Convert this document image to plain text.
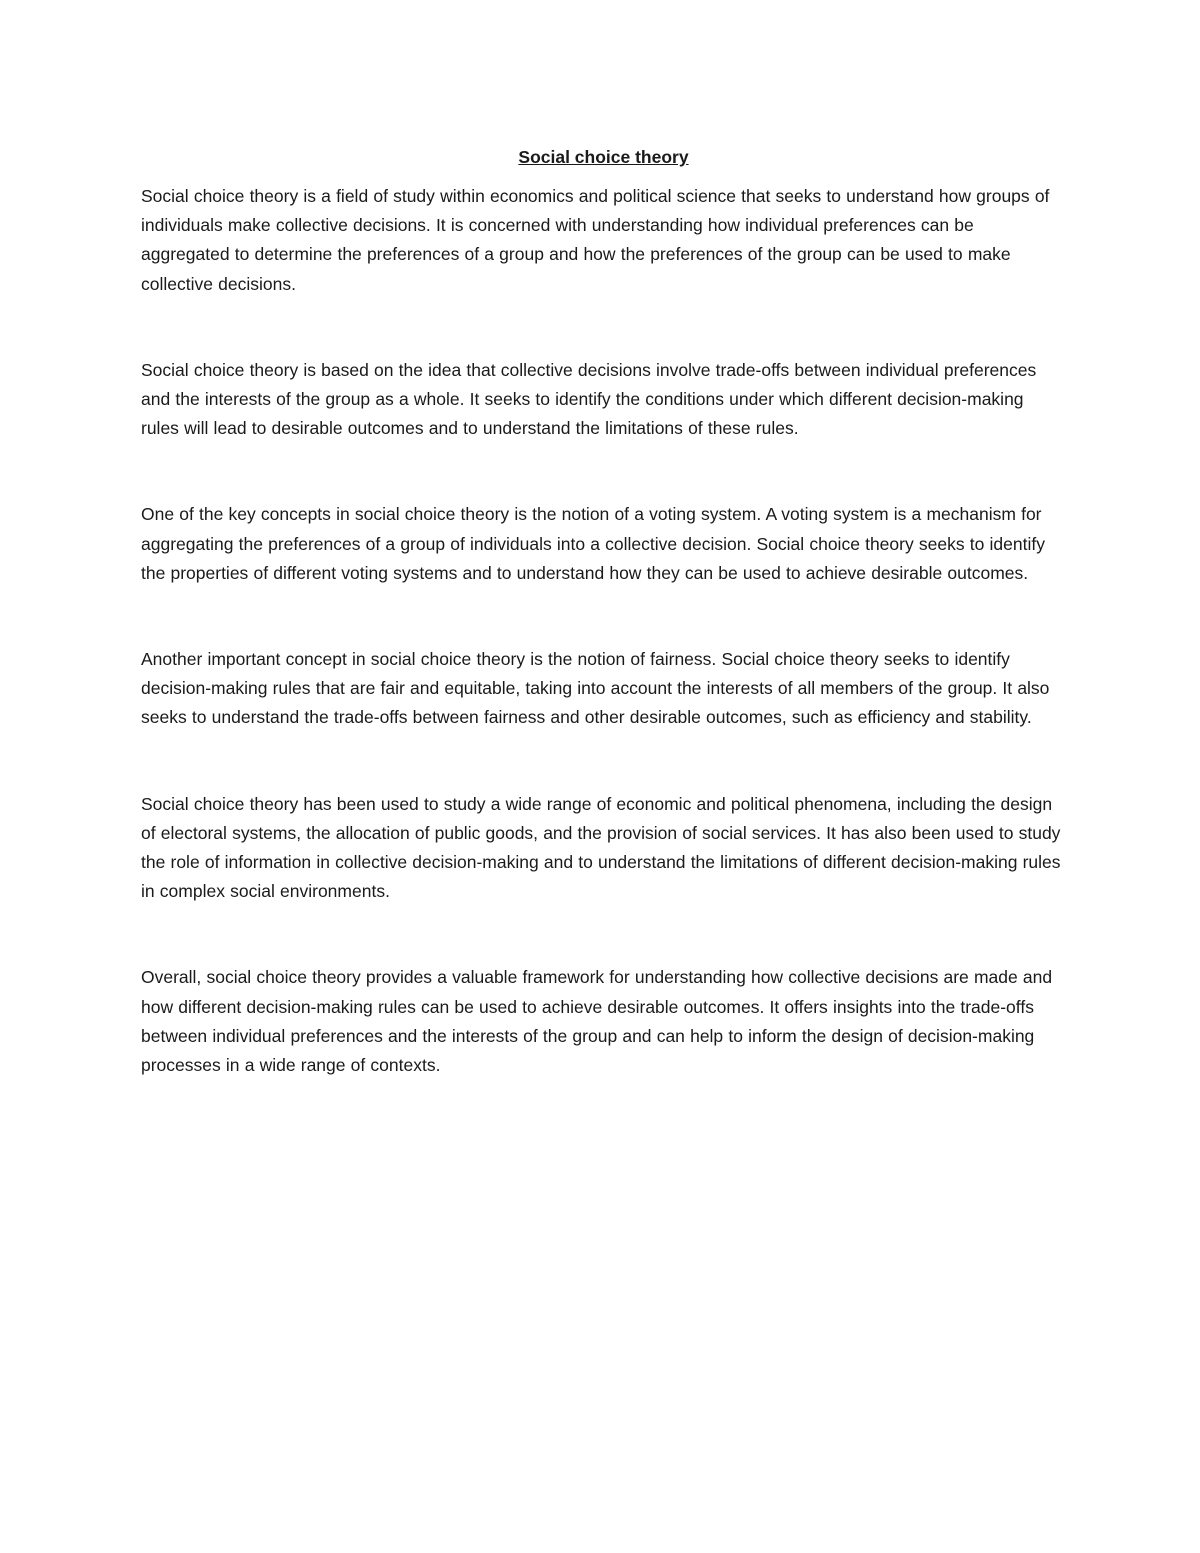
Social choice theory

Social choice theory is a field of study within economics and political science that seeks to understand how groups of individuals make collective decisions. It is concerned with understanding how individual preferences can be aggregated to determine the preferences of a group and how the preferences of the group can be used to make collective decisions.

Social choice theory is based on the idea that collective decisions involve trade-offs between individual preferences and the interests of the group as a whole. It seeks to identify the conditions under which different decision-making rules will lead to desirable outcomes and to understand the limitations of these rules.

One of the key concepts in social choice theory is the notion of a voting system. A voting system is a mechanism for aggregating the preferences of a group of individuals into a collective decision. Social choice theory seeks to identify the properties of different voting systems and to understand how they can be used to achieve desirable outcomes.

Another important concept in social choice theory is the notion of fairness. Social choice theory seeks to identify decision-making rules that are fair and equitable, taking into account the interests of all members of the group. It also seeks to understand the trade-offs between fairness and other desirable outcomes, such as efficiency and stability.

Social choice theory has been used to study a wide range of economic and political phenomena, including the design of electoral systems, the allocation of public goods, and the provision of social services. It has also been used to study the role of information in collective decision-making and to understand the limitations of different decision-making rules in complex social environments.

Overall, social choice theory provides a valuable framework for understanding how collective decisions are made and how different decision-making rules can be used to achieve desirable outcomes. It offers insights into the trade-offs between individual preferences and the interests of the group and can help to inform the design of decision-making processes in a wide range of contexts.
